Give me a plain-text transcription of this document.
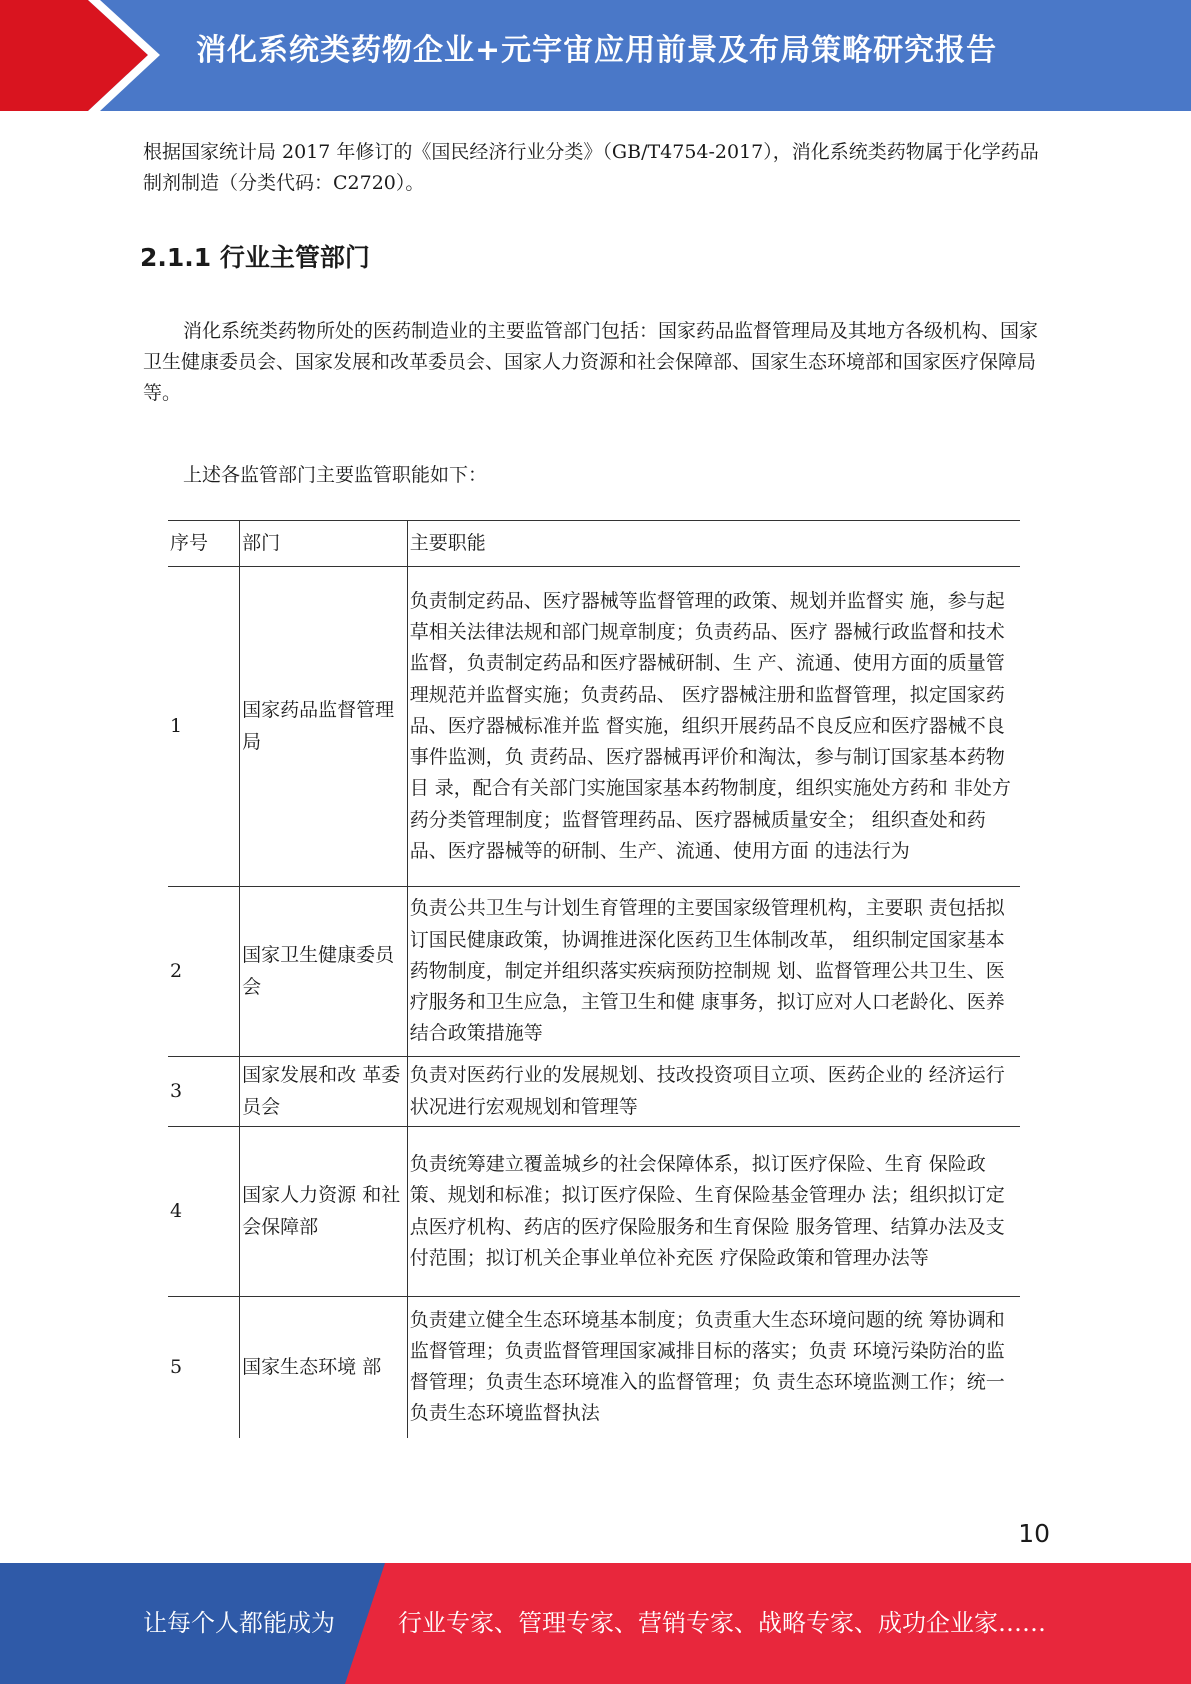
消化系统类药物企业+元宇宙应用前景及布局策略研究报告

根据国家统计局 2017 年修订的《国民经济行业分类》（GB/T4754-2017），消化系统类药物属于化学药品制剂制造（分类代码：C2720）。

2.1.1 行业主管部门

消化系统类药物所处的医药制造业的主要监管部门包括：国家药品监督管理局及其地方各级机构、国家卫生健康委员会、国家发展和改革委员会、国家人力资源和社会保障部、国家生态环境部和国家医疗保障局等。

上述各监管部门主要监管职能如下：

序号	部门	主要职能
1	国家药品监督管理局	负责制定药品、医疗器械等监督管理的政策、规划并监督实 施，参与起草相关法律法规和部门规章制度；负责药品、医疗 器械行政监督和技术监督，负责制定药品和医疗器械研制、生 产、流通、使用方面的质量管理规范并监督实施；负责药品、 医疗器械注册和监督管理，拟定国家药品、医疗器械标准并监 督实施，组织开展药品不良反应和医疗器械不良事件监测，负 责药品、医疗器械再评价和淘汰，参与制订国家基本药物目 录，配合有关部门实施国家基本药物制度，组织实施处方药和 非处方药分类管理制度；监督管理药品、医疗器械质量安全； 组织查处和药品、医疗器械等的研制、生产、流通、使用方面 的违法行为
2	国家卫生健康委员会	负责公共卫生与计划生育管理的主要国家级管理机构，主要职 责包括拟订国民健康政策，协调推进深化医药卫生体制改革， 组织制定国家基本药物制度，制定并组织落实疾病预防控制规 划、监督管理公共卫生、医疗服务和卫生应急，主管卫生和健 康事务，拟订应对人口老龄化、医养结合政策措施等
3	国家发展和改 革委员会	负责对医药行业的发展规划、技改投资项目立项、医药企业的 经济运行状况进行宏观规划和管理等
4	国家人力资源 和社会保障部	负责统筹建立覆盖城乡的社会保障体系，拟订医疗保险、生育 保险政策、规划和标准；拟订医疗保险、生育保险基金管理办 法；组织拟订定点医疗机构、药店的医疗保险服务和生育保险 服务管理、结算办法及支付范围；拟订机关企事业单位补充医 疗保险政策和管理办法等
5	国家生态环境 部	负责建立健全生态环境基本制度；负责重大生态环境问题的统 筹协调和监督管理；负责监督管理国家减排目标的落实；负责 环境污染防治的监督管理；负责生态环境准入的监督管理；负 责生态环境监测工作；统一负责生态环境监督执法
10
让每个人都能成为	行业专家、管理专家、营销专家、战略专家、成功企业家……
